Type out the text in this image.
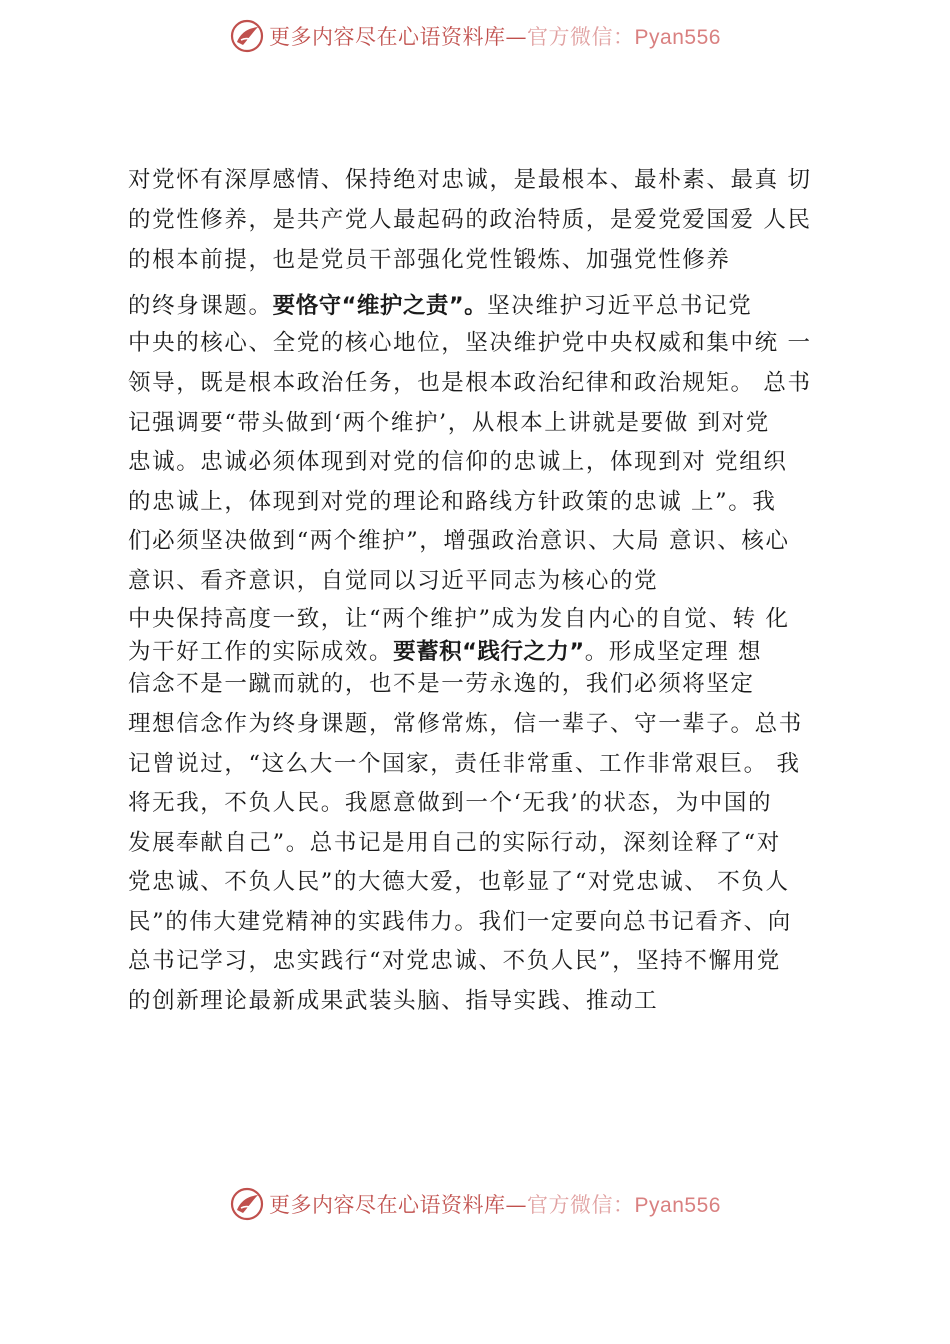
更多内容尽在心语资料库—官方微信：Pyan556
对党怀有深厚感情、保持绝对忠诚，是最根本、最朴素、最真 切
的党性修养，是共产党人最起码的政治特质，是爱党爱国爱 人民
的根本前提，也是党员干部强化党性锻炼、加强党性修养
的终身课题。要恪守“维护之责”。坚决维护习近平总书记党
中央的核心、全党的核心地位，坚决维护党中央权威和集中统 一
领导，既是根本政治任务，也是根本政治纪律和政治规矩。 总书
记强调要“带头做到‘两个维护’，从根本上讲就是要做 到对党
忠诚。忠诚必须体现到对党的信仰的忠诚上，体现到对 党组织
的忠诚上，体现到对党的理论和路线方针政策的忠诚 上”。我
们必须坚决做到“两个维护”，增强政治意识、大局 意识、核心
意识、看齐意识，自觉同以习近平同志为核心的党
中央保持高度一致，让“两个维护”成为发自内心的自觉、转 化
为干好工作的实际成效。要蓄积“践行之力”。形成坚定理 想
信念不是一蹴而就的，也不是一劳永逸的，我们必须将坚定
理想信念作为终身课题，常修常炼，信一辈子、守一辈子。总书
记曾说过，“这么大一个国家，责任非常重、工作非常艰巨。 我
将无我，不负人民。我愿意做到一个‘无我’的状态，为中国的
发展奉献自己”。总书记是用自己的实际行动，深刻诠释了“对
党忠诚、不负人民”的大德大爱，也彰显了“对党忠诚、 不负人
民”的伟大建党精神的实践伟力。我们一定要向总书记看齐、向
总书记学习，忠实践行“对党忠诚、不负人民”，坚持不懈用党
的创新理论最新成果武装头脑、指导实践、推动工
更多内容尽在心语资料库—官方微信：Pyan556
